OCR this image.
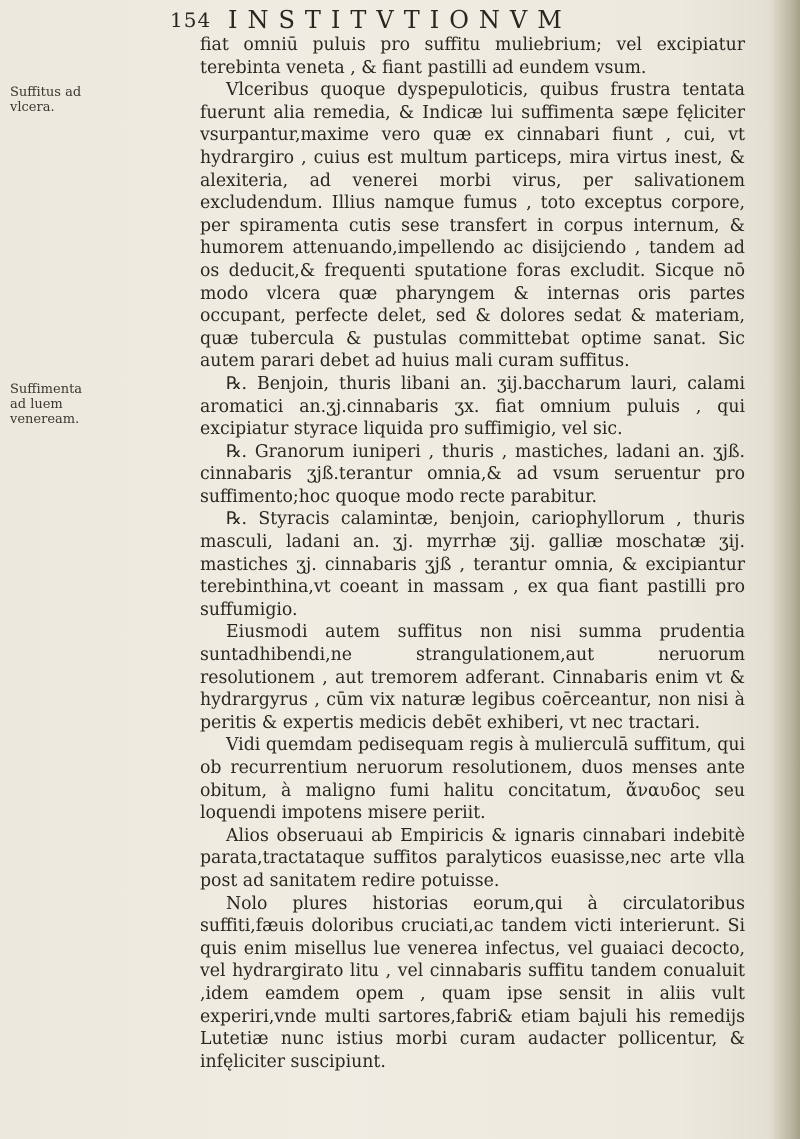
154 INSTITVTIONVM
Suffitus ad vlcera.
Suffimenta ad luem venerеam.

fiat omniū puluis pro suffitu muliebrium; vel excipiatur terebinta veneta , & fiant pastilli ad eundem vsum.

Vlceribus quoque dyspepuloticis, quibus frustra tentata fuerunt alia remedia, & Indicæ lui suffimenta sæpe fęliciter vsurpantur,maxime vero quæ ex cinnabari fiunt , cui, vt hydrargiro , cuius est multum particeps, mira virtus inest, & alexiteria, ad venerei morbi virus, per salivationem excludendum. Illius namque fumus , toto exceptus corpore, per spiramenta cutis sese transfert in corpus internum, & humorem attenuando,impellendo ac disijciendo , tandem ad os deducit,& frequenti sputatione foras excludit. Sicque nō modo vlcera quæ pharyngem & internas oris partes occupant, perfecte delet, sed & dolores sedat & materiam, quæ tubercula & pustulas committebat optime sanat. Sic autem parari debet ad huius mali curam suffitus.

℞. Benjoin, thuris libani an. ʒij.baccharum lauri, calami aromatici an.ʒj.cinnabaris ʒx. fiat omnium puluis , qui excipiatur styrace liquida pro suffimigio, vel sic.

℞. Granorum iuniperi , thuris , mastiches, ladani an. ʒjß. cinnabaris ʒjß.terantur omnia,& ad vsum seruentur pro suffimento;hoc quoque modo recte parabitur.

℞. Styracis calamintæ, benjoin, cariophyllorum , thuris masculi, ladani an. ʒj. myrrhæ ʒij. galliæ moschatæ ʒij. mastiches ʒj. cinnabaris ʒjß , terantur omnia, & excipiantur terebinthina,vt coeant in massam , ex qua fiant pastilli pro suffumigio.

Eiusmodi autem suffitus non nisi summa prudentia suntadhibendi,ne strangulationem,aut neruorum resolutionem , aut tremorem adferant. Cinnabaris enim vt & hydrargyrus , cūm vix naturæ legibus coērceantur, non nisi à peritis & expertis medicis debēt exhiberi, vt nec tractari.

Vidi quemdam pedisequam regis à mulierculā suffitum, qui ob recurrentium neruorum resolutionem, duos menses ante obitum, à maligno fumi halitu concitatum, ἄναυδος seu loquendi impotens misere periit.

Alios obseruaui ab Empiricis & ignaris cinnabari indebitè paratа,tractataque suffitos paralyticos euasisse,nec arte vlla post ad sanitatem redire potuisse.

Nolo plures historias eorum,qui à circulatoribus suffiti,fæuis doloribus cruciati,ac tandem victi interierunt. Si quis enim misellus lue venerea infectus, vel guaiaci decocto, vel hydrargirato litu , vel cinnabaris suffitu tandem conualuit ,idem eamdem opem , quam ipse sensit in aliis vult experiri,vnde multi sartores,fabri& etiam bajuli his remedijs Lutetiæ nunc istius morbi curam audacter pollicentur, & infęliciter suscipiunt.
